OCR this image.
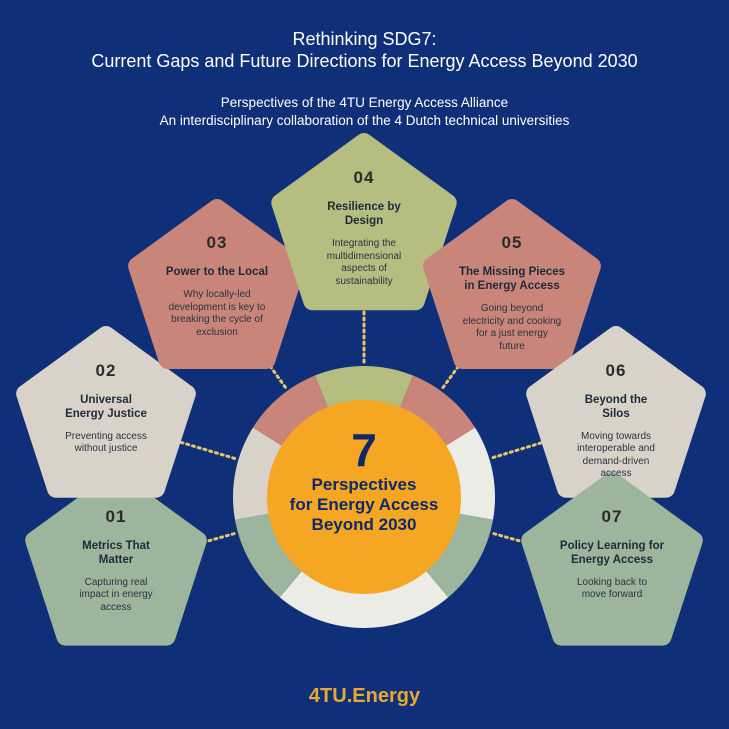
Rethinking SDG7:
Current Gaps and Future Directions for Energy Access Beyond 2030
Perspectives of the 4TU Energy Access Alliance
An interdisciplinary collaboration of the 4 Dutch technical universities
01
Metrics That
Matter
Capturing real
impact in energy
access
02
Universal
Energy Justice
Preventing access
without justice
03
Power to the Local
Why locally-led
development is key to
breaking the cycle of
exclusion
04
Resilience by
Design
Integrating the
multidimensional
aspects of
sustainability
05
The Missing Pieces
in Energy Access
Going beyond
electricity and cooking
for a just energy
future
06
Beyond the
Silos
Moving towards
interoperable and
demand-driven
access
07
Policy Learning for
Energy Access
Looking back to
move forward
7
Perspectives
for Energy Access
Beyond 2030
4TU.Energy
